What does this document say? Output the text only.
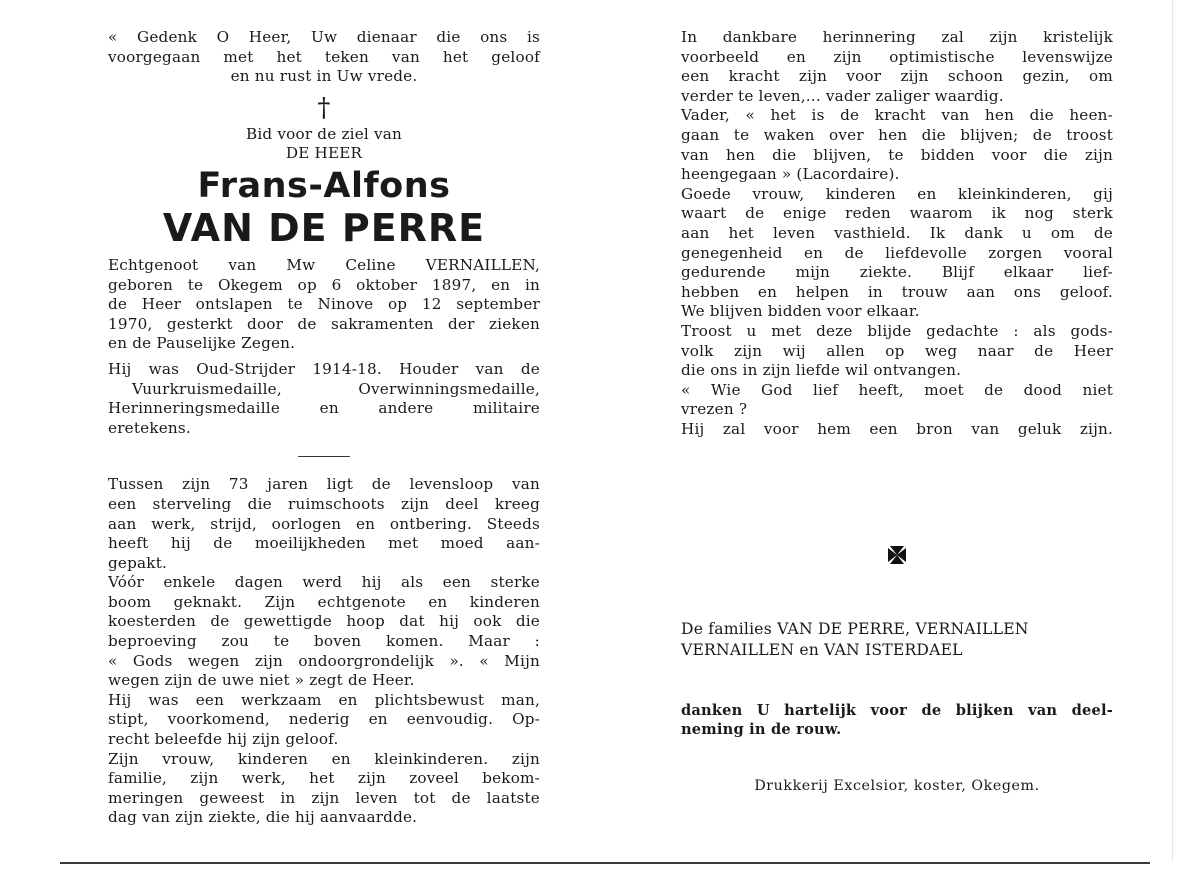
« Gedenk O Heer, Uw dienaar die ons is
voorgegaan met het teken van het geloof
en nu rust in Uw vrede.
†
Bid voor de ziel van
DE HEER
Frans-Alfons
VAN DE PERRE
Echtgenoot van Mw Celine VERNAILLEN,
geboren te Okegem op 6 oktober 1897, en in
de Heer ontslapen te Ninove op 12 september
1970, gesterkt door de sakramenten der zieken
en de Pauselijke Zegen.
Hij was Oud-Strijder 1914-18. Houder van de
Vuurkruismedaille, Overwinningsmedaille,
Herinneringsmedaille en andere militaire
eretekens.
Tussen zijn 73 jaren ligt de levensloop van
een sterveling die ruimschoots zijn deel kreeg
aan werk, strijd, oorlogen en ontbering. Steeds
heeft hij de moeilijkheden met moed aan-
gepakt.
Vóór enkele dagen werd hij als een sterke
boom geknakt. Zijn echtgenote en kinderen
koesterden de gewettigde hoop dat hij ook die
beproeving zou te boven komen. Maar :
« Gods wegen zijn ondoorgrondelijk ». « Mijn
wegen zijn de uwe niet » zegt de Heer.
Hij was een werkzaam en plichtsbewust man,
stipt, voorkomend, nederig en eenvoudig. Op-
recht beleefde hij zijn geloof.
Zijn vrouw, kinderen en kleinkinderen. zijn
familie, zijn werk, het zijn zoveel bekom-
meringen geweest in zijn leven tot de laatste
dag van zijn ziekte, die hij aanvaardde.
In dankbare herinnering zal zijn kristelijk
voorbeeld en zijn optimistische levenswijze
een kracht zijn voor zijn schoon gezin, om
verder te leven,... vader zaliger waardig.
Vader, « het is de kracht van hen die heen-
gaan te waken over hen die blijven; de troost
van hen die blijven, te bidden voor die zijn
heengegaan » (Lacordaire).
Goede vrouw, kinderen en kleinkinderen, gij
waart de enige reden waarom ik nog sterk
aan het leven vasthield. Ik dank u om de
genegenheid en de liefdevolle zorgen vooral
gedurende mijn ziekte. Blijf elkaar lief-
hebben en helpen in trouw aan ons geloof.
We blijven bidden voor elkaar.
Troost u met deze blijde gedachte : als gods-
volk zijn wij allen op weg naar de Heer
die ons in zijn liefde wil ontvangen.
« Wie God lief heeft, moet de dood niet
vrezen ?
Hij zal voor hem een bron van geluk zijn.
De families VAN DE PERRE, VERNAILLEN
VERNAILLEN en VAN ISTERDAEL
danken U hartelijk voor de blijken van deel-
neming in de rouw.
Drukkerij Excelsior, koster, Okegem.
